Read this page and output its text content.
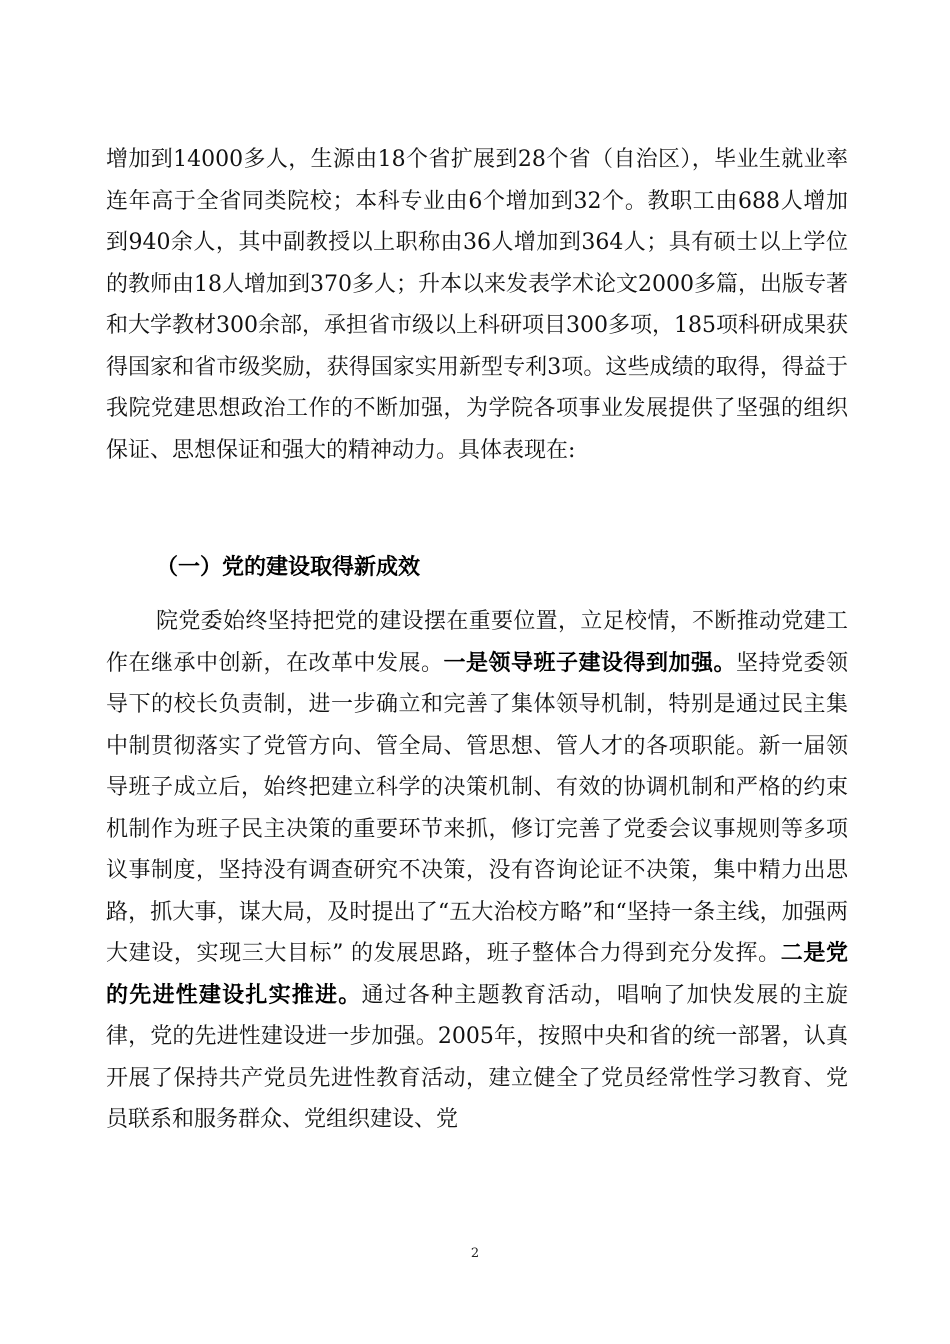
增加到14000多人，生源由18个省扩展到28个省（自治区），毕业生就业率连年高于全省同类院校；本科专业由6个增加到32个。教职工由688人增加到940余人，其中副教授以上职称由36人增加到364人；具有硕士以上学位的教师由18人增加到370多人；升本以来发表学术论文2000多篇，出版专著和大学教材300余部，承担省市级以上科研项目300多项，185项科研成果获得国家和省市级奖励，获得国家实用新型专利3项。这些成绩的取得，得益于我院党建思想政治工作的不断加强，为学院各项事业发展提供了坚强的组织保证、思想保证和强大的精神动力。具体表现在:

（一）党的建设取得新成效

院党委始终坚持把党的建设摆在重要位置，立足校情，不断推动党建工作在继承中创新，在改革中发展。一是领导班子建设得到加强。坚持党委领导下的校长负责制，进一步确立和完善了集体领导机制，特别是通过民主集中制贯彻落实了党管方向、管全局、管思想、管人才的各项职能。新一届领导班子成立后，始终把建立科学的决策机制、有效的协调机制和严格的约束机制作为班子民主决策的重要环节来抓，修订完善了党委会议事规则等多项议事制度，坚持没有调查研究不决策，没有咨询论证不决策，集中精力出思路，抓大事，谋大局，及时提出了“五大治校方略”和“坚持一条主线，加强两大建设，实现三大目标” 的发展思路，班子整体合力得到充分发挥。二是党的先进性建设扎实推进。通过各种主题教育活动，唱响了加快发展的主旋律，党的先进性建设进一步加强。2005年，按照中央和省的统一部署，认真开展了保持共产党员先进性教育活动，建立健全了党员经常性学习教育、党员联系和服务群众、党组织建设、党

2
